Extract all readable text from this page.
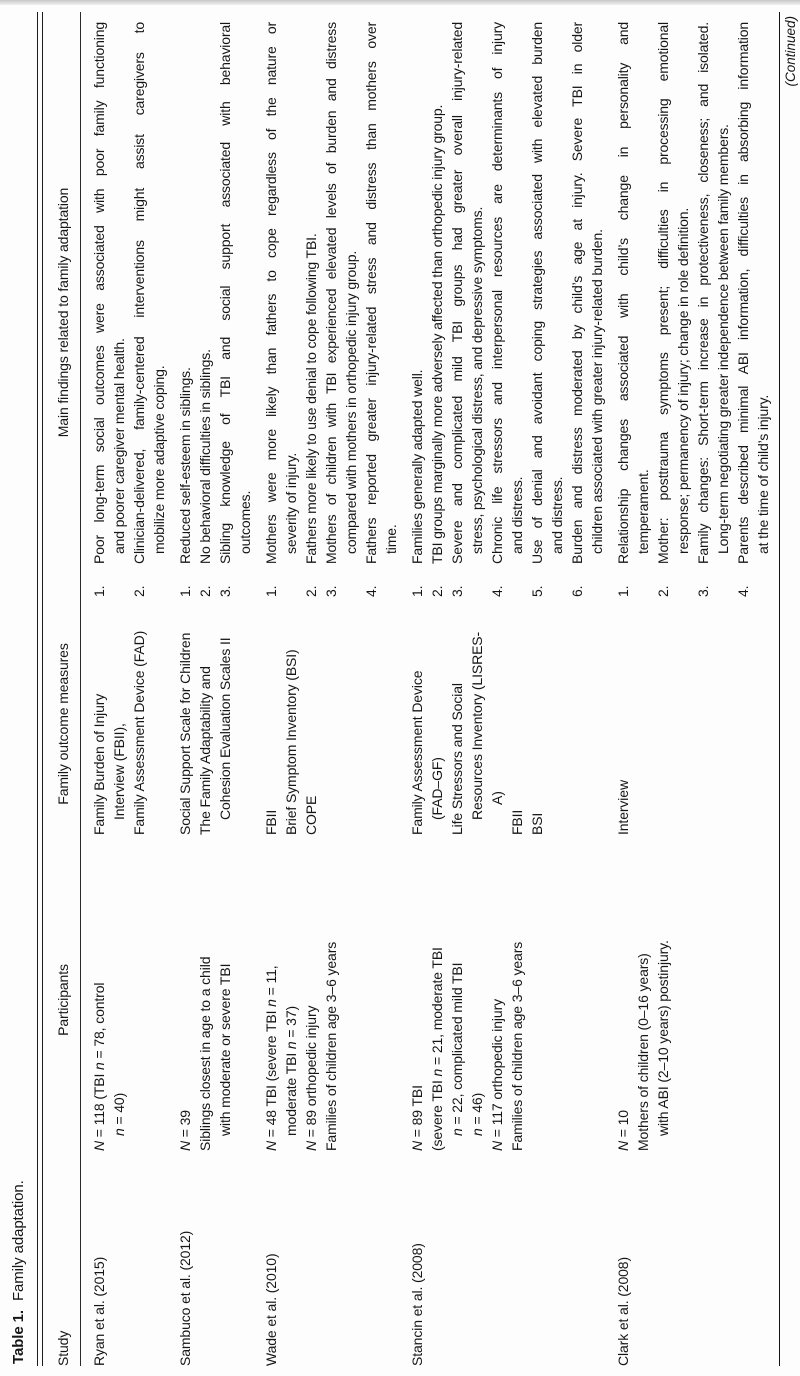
Table 1.Family adaptation.
Study
Participants
Family outcome measures
Main findings related to family adaptation
Ryan et al. (2015)
N = 118 (TBI n = 78, control
n = 40)
Family Burden of Injury Interview (FBII), Family Assessment Device (FAD)
1.
Poor long-term social outcomes were associated with poor family functioning and poorer caregiver mental health.
2.
Clinician-delivered, family-centered interventions might assist caregivers to mobilize more adaptive coping.
Sambuco et al. (2012)
N = 39 Siblings closest in age to a child with moderate or severe TBI
Social Support Scale for Children The Family Adaptability and Cohesion Evaluation Scales II
1.
Reduced self-esteem in siblings.
2.
No behavioral difficulties in siblings.
3.
Sibling knowledge of TBI and social support associated with behavioral outcomes.
Wade et al. (2010)
N = 48 TBI (severe TBI n = 11,
moderate TBI n = 37)
N = 89 orthopedic injury Families of children age 3–6 years
FBII Brief Symptom Inventory (BSI) COPE
1.
Mothers were more likely than fathers to cope regardless of the nature or severity of injury.
2.
Fathers more likely to use denial to cope following TBI.
3.
Mothers of children with TBI experienced elevated levels of burden and distress compared with mothers in orthopedic injury group.
4.
Fathers reported greater injury-related stress and distress than mothers over time.
Stancin et al. (2008)
N = 89 TBI (severe TBI n = 21, moderate TBI
n = 22, complicated mild TBI
n = 46)
N = 117 orthopedic injury Families of children age 3–6 years
Family Assessment Device (FAD–GF) Life Stressors and Social Resources Inventory (LISRES- A)
FBII BSI
1.
Families generally adapted well.
2.
TBI groups marginally more adversely affected than orthopedic injury group.
3.
Severe and complicated mild TBI groups had greater overall injury-related stress, psychological distress, and depressive symptoms.
4.
Chronic life stressors and interpersonal resources are determinants of injury and distress.
5.
Use of denial and avoidant coping strategies associated with elevated burden and distress.
6.
Burden and distress moderated by child’s age at injury. Severe TBI in older children associated with greater injury-related burden.
Clark et al. (2008)
N = 10 Mothers of children (0–16 years) with ABI (2–10 years) postinjury.
Interview
1.
Relationship changes associated with child’s change in personality and temperament.
2.
Mother: posttrauma symptoms present; difficulties in processing emotional response; permanency of injury; change in role definition.
3.
Family changes: Short-term increase in protectiveness, closeness; and isolated. Long-term negotiating greater independence between family members.
4.
Parents described minimal ABI information, difficulties in absorbing information at the time of child’s injury.
(Continued)
